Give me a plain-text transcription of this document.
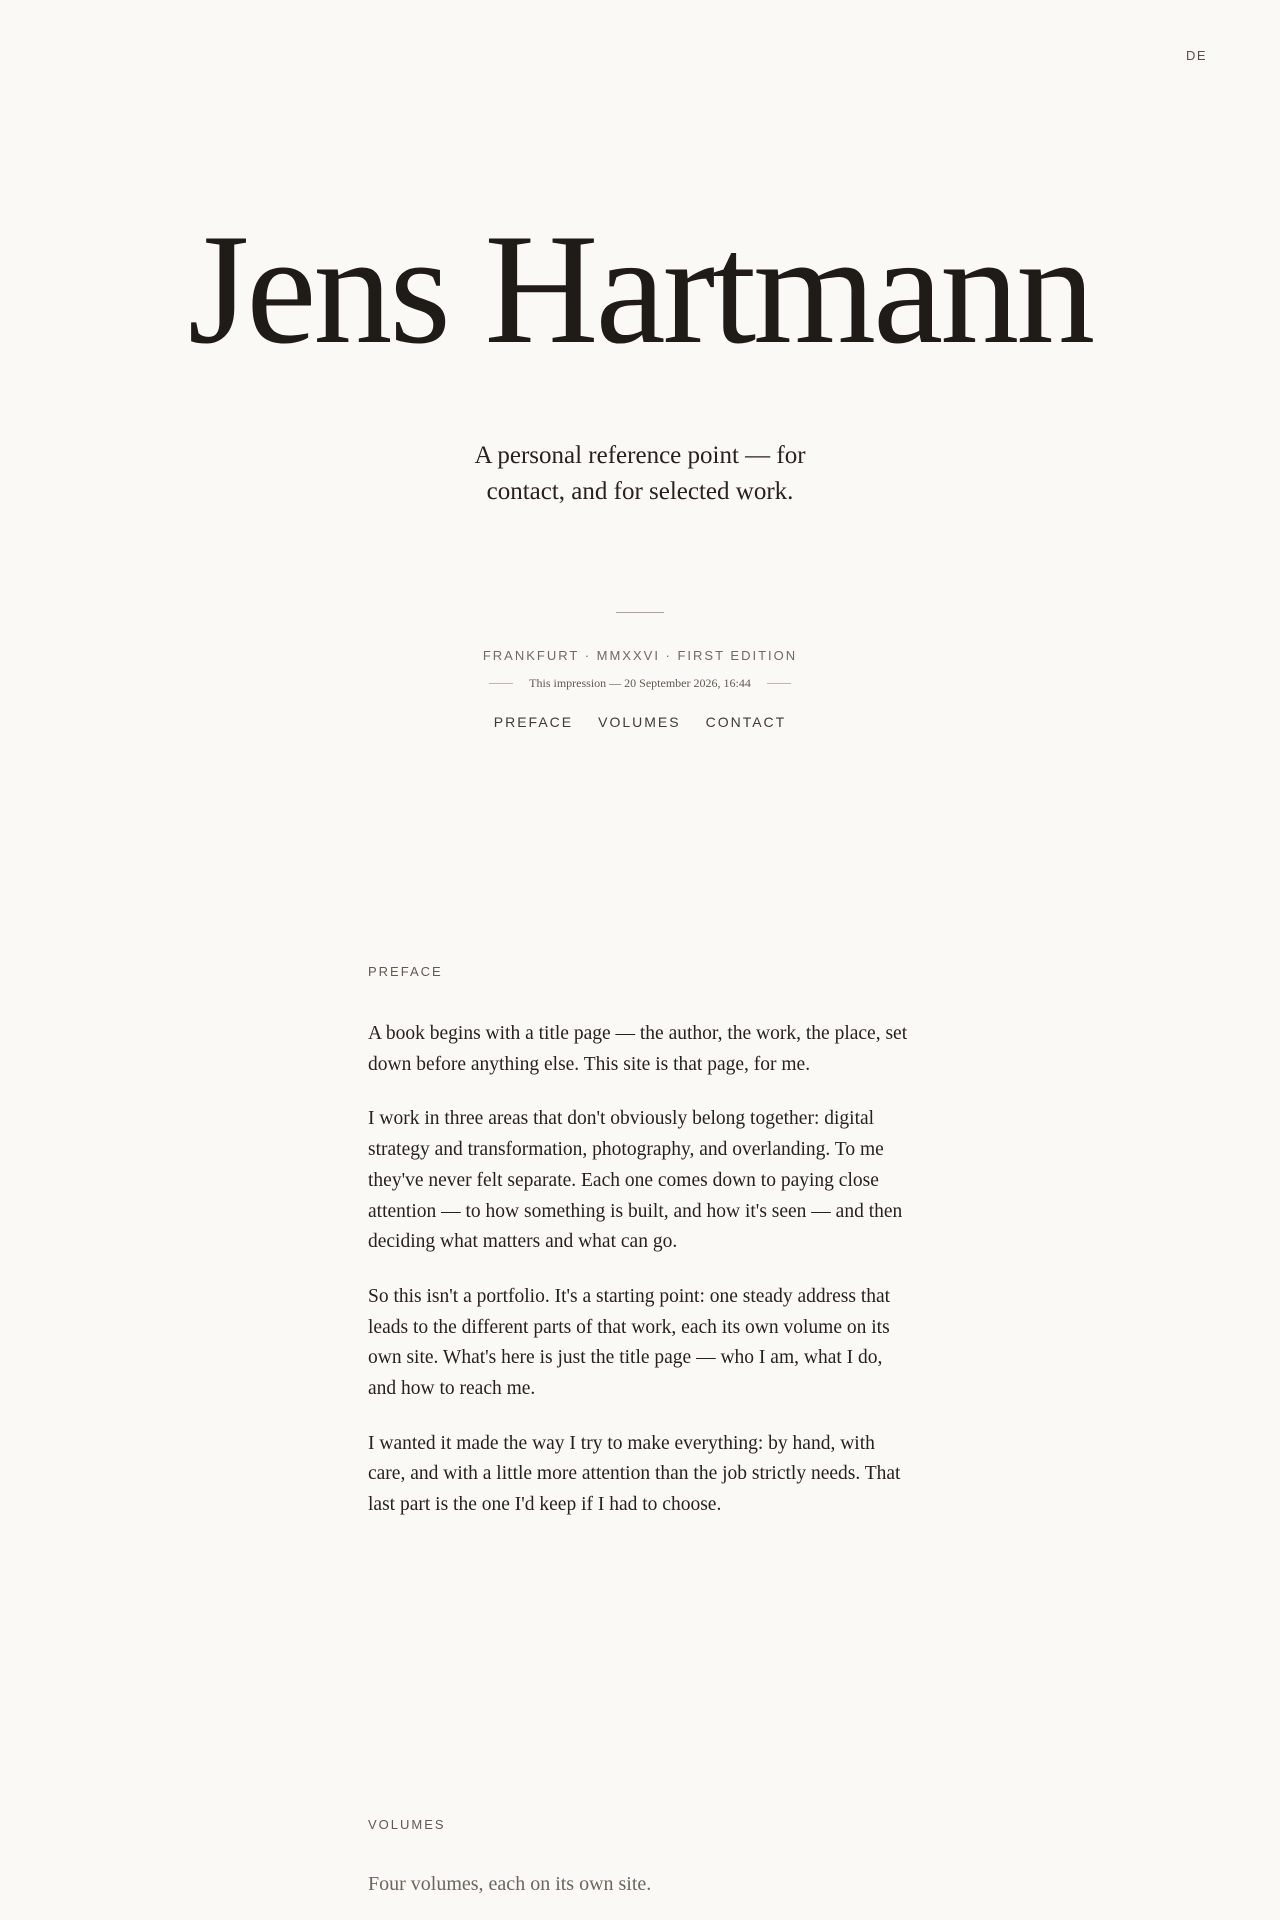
DE
Jens Hartmann

A personal reference point — for contact, and for selected work.

FRANKFURT · MMXXVI · FIRST EDITION
This impression — 20 September 2026, 16:44
PREFACE VOLUMES CONTACT
PREFACE

A book begins with a title page — the author, the work, the place, set down before anything else. This site is that page, for me.

I work in three areas that don't obviously belong together: digital strategy and transformation, photography, and overlanding. To me they've never felt separate. Each one comes down to paying close attention — to how something is built, and how it's seen — and then deciding what matters and what can go.

So this isn't a portfolio. It's a starting point: one steady address that leads to the different parts of that work, each its own volume on its own site. What's here is just the title page — who I am, what I do, and how to reach me.

I wanted it made the way I try to make everything: by hand, with care, and with a little more attention than the job strictly needs. That last part is the one I'd keep if I had to choose.

VOLUMES

Four volumes, each on its own site.
